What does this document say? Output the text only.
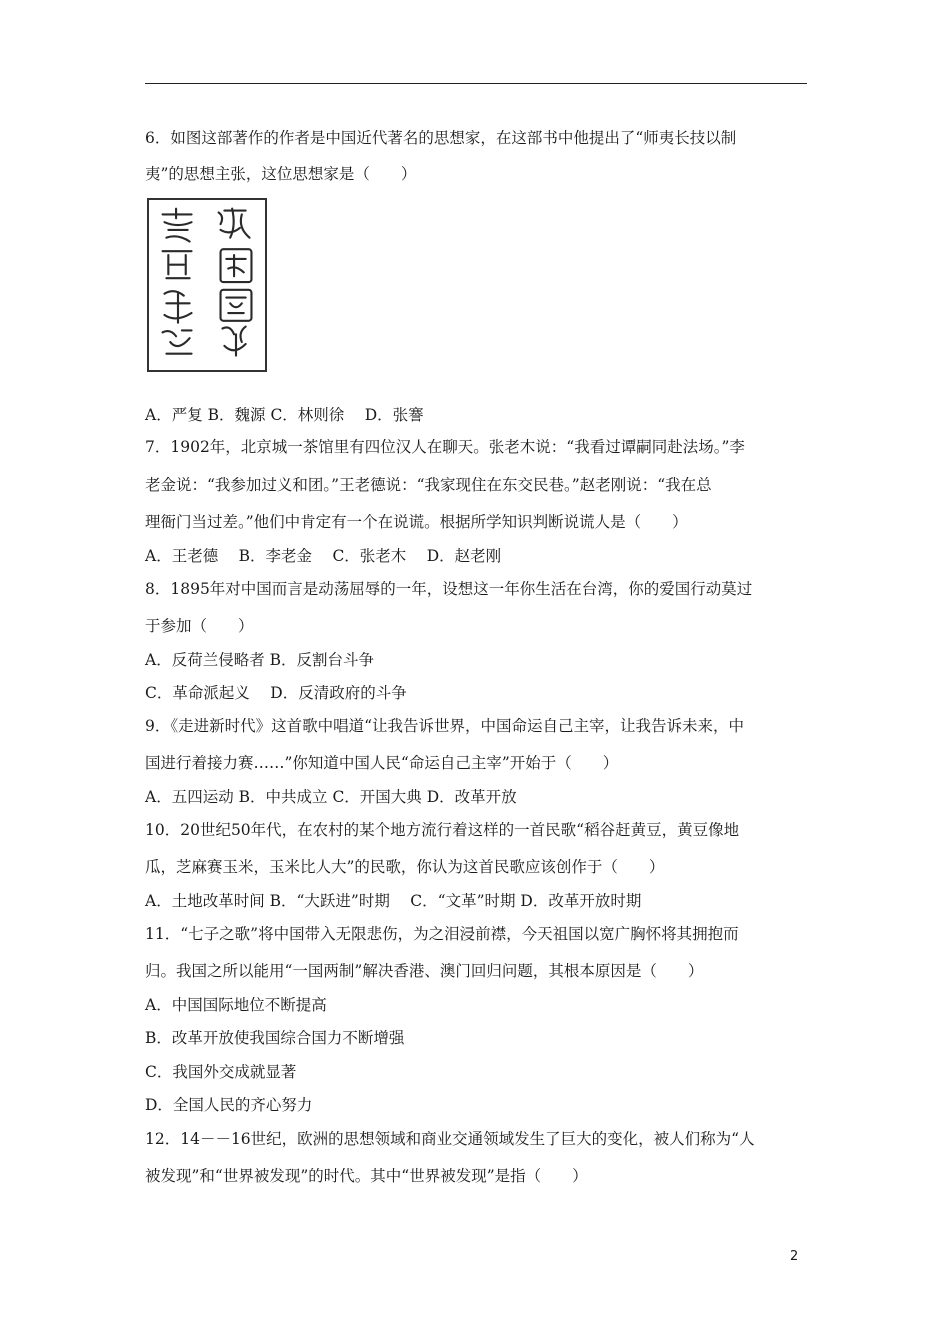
6．如图这部著作的作者是中国近代著名的思想家，在这部书中他提出了“师夷长技以制
夷”的思想主张，这位思想家是（　　）
A．严复 B．魏源 C．林则徐　 D．张謇
7．1902年，北京城一茶馆里有四位汉人在聊天。张老木说：“我看过谭嗣同赴法场。”李
老金说：“我参加过义和团。”王老德说：“我家现住在东交民巷。”赵老刚说：“我在总
理衙门当过差。”他们中肯定有一个在说谎。根据所学知识判断说谎人是（　　）
A．王老德　 B．李老金　 C．张老木　 D．赵老刚
8．1895年对中国而言是动荡屈辱的一年，设想这一年你生活在台湾，你的爱国行动莫过
于参加（　　）
A．反荷兰侵略者 B．反割台斗争
C．革命派起义　 D．反清政府的斗争
9．《走进新时代》这首歌中唱道“让我告诉世界，中国命运自己主宰，让我告诉未来，中
国进行着接力赛……”你知道中国人民“命运自己主宰”开始于（　　）
A．五四运动 B．中共成立 C．开国大典 D．改革开放
10．20世纪50年代，在农村的某个地方流行着这样的一首民歌“稻谷赶黄豆，黄豆像地
瓜，芝麻赛玉米，玉米比人大”的民歌，你认为这首民歌应该创作于（　　）
A．土地改革时间 B．“大跃进”时期　 C．“文革”时期 D．改革开放时期
11．“七子之歌”将中国带入无限悲伤，为之泪浸前襟，今天祖国以宽广胸怀将其拥抱而
归。我国之所以能用“一国两制”解决香港、澳门回归问题，其根本原因是（　　）
A．中国国际地位不断提高
B．改革开放使我国综合国力不断增强
C．我国外交成就显著
D．全国人民的齐心努力
12．14－－16世纪，欧洲的思想领域和商业交通领域发生了巨大的变化，被人们称为“人
被发现”和“世界被发现”的时代。其中“世界被发现”是指（　　）
2
